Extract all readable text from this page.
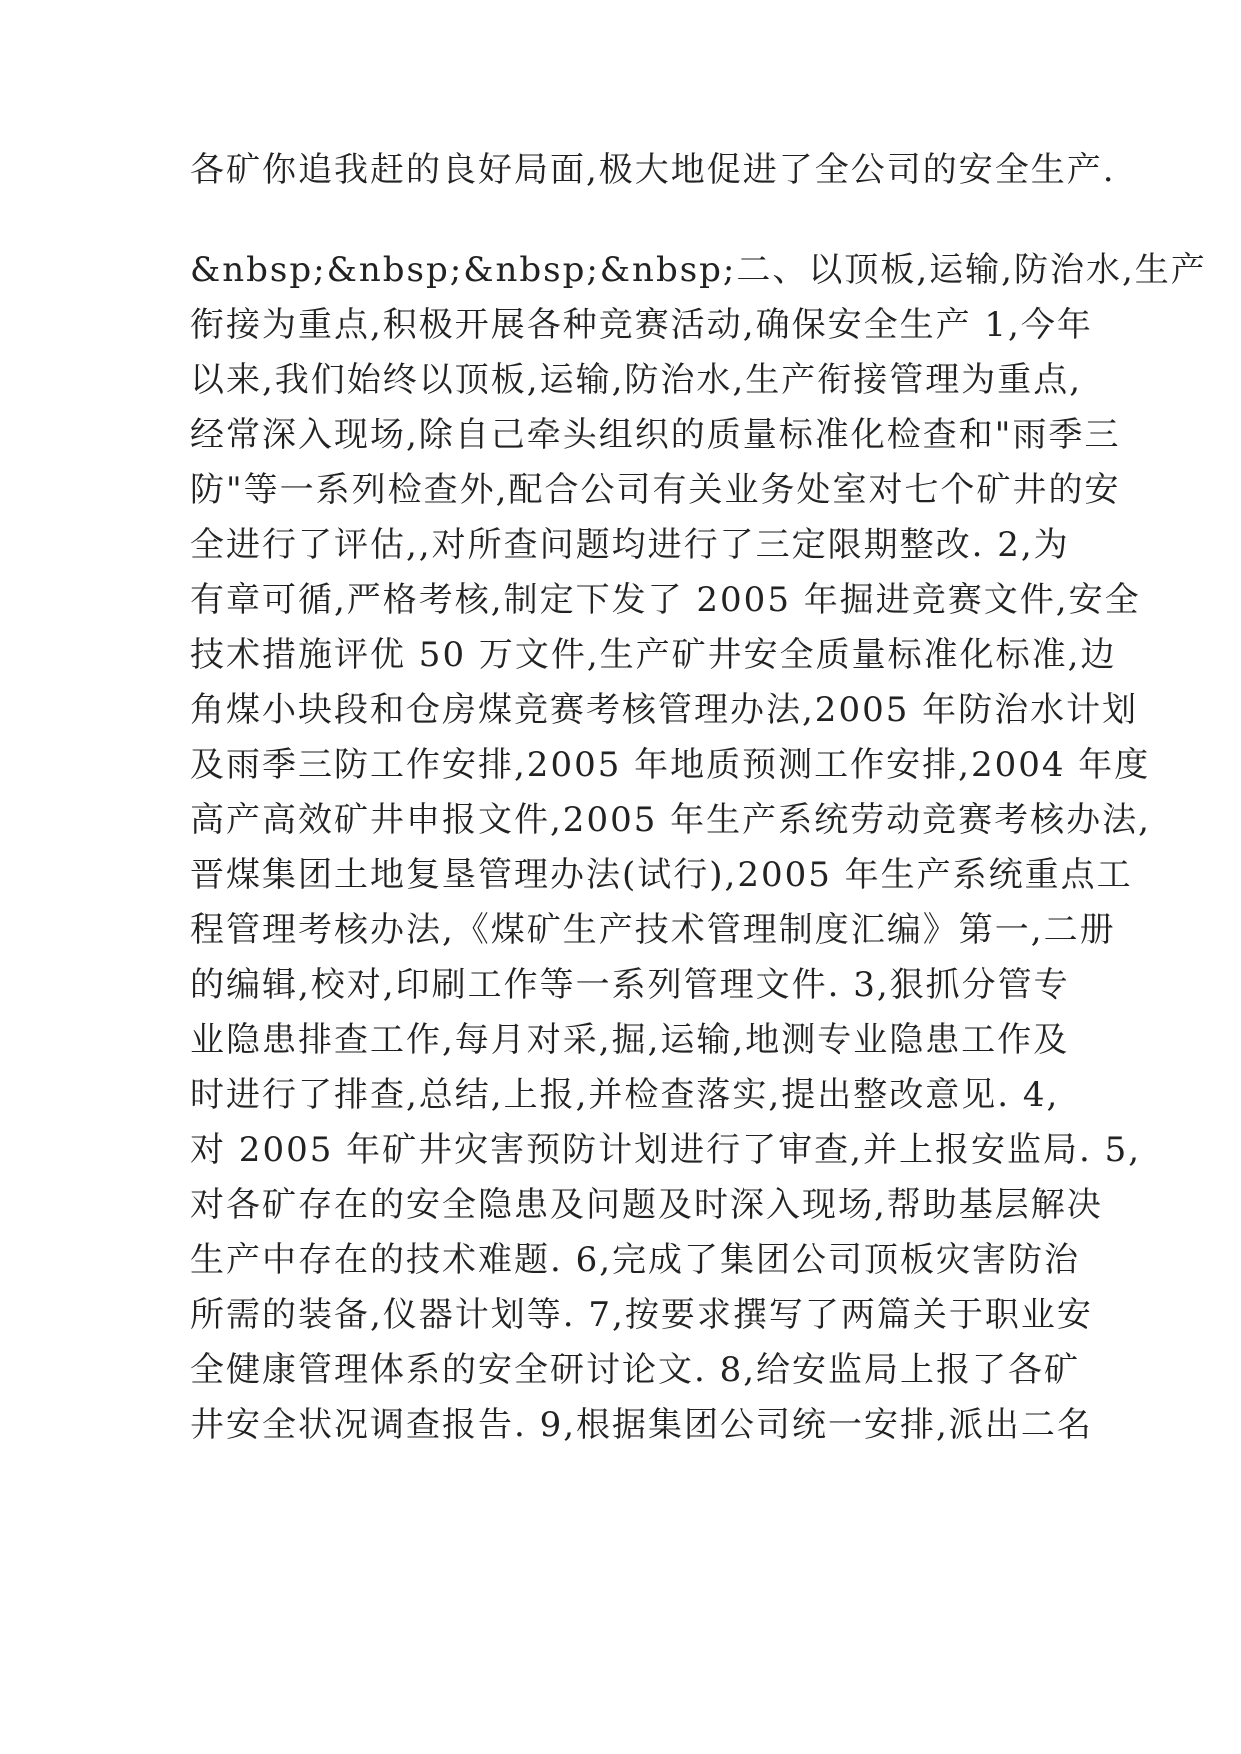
各矿你追我赶的良好局面,极大地促进了全公司的安全生产.
&nbsp;&nbsp;&nbsp;&nbsp;二、以顶板,运输,防治水,生产
衔接为重点,积极开展各种竞赛活动,确保安全生产 1,今年
以来,我们始终以顶板,运输,防治水,生产衔接管理为重点,
经常深入现场,除自己牵头组织的质量标准化检查和"雨季三
防"等一系列检查外,配合公司有关业务处室对七个矿井的安
全进行了评估,,对所查问题均进行了三定限期整改. 2,为
有章可循,严格考核,制定下发了 2005 年掘进竞赛文件,安全
技术措施评优 50 万文件,生产矿井安全质量标准化标准,边
角煤小块段和仓房煤竞赛考核管理办法,2005 年防治水计划
及雨季三防工作安排,2005 年地质预测工作安排,2004 年度
高产高效矿井申报文件,2005 年生产系统劳动竞赛考核办法,
晋煤集团土地复垦管理办法(试行),2005 年生产系统重点工
程管理考核办法,《煤矿生产技术管理制度汇编》第一,二册
的编辑,校对,印刷工作等一系列管理文件. 3,狠抓分管专
业隐患排查工作,每月对采,掘,运输,地测专业隐患工作及
时进行了排查,总结,上报,并检查落实,提出整改意见. 4,
对 2005 年矿井灾害预防计划进行了审查,并上报安监局. 5,
对各矿存在的安全隐患及问题及时深入现场,帮助基层解决
生产中存在的技术难题. 6,完成了集团公司顶板灾害防治
所需的装备,仪器计划等. 7,按要求撰写了两篇关于职业安
全健康管理体系的安全研讨论文. 8,给安监局上报了各矿
井安全状况调查报告. 9,根据集团公司统一安排,派出二名
